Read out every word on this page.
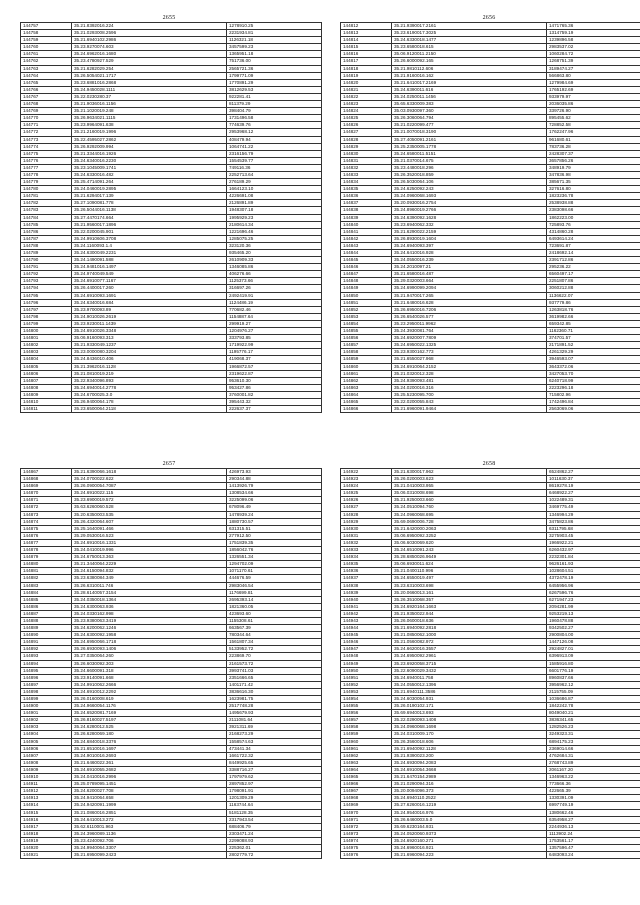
2655
144757	35.21.8392016.224	1278910.25
144758	35.21.0293008.2596	2231934.81
144759	35.21.6940102.2986	1126321.18
144760	35.23.9270074.603	3457599.23
144761	35.24.6962016.1680	1365951.18
144762	35.23.4780927.529	751736.00
144763	35.21.6282029.254	2565721.36
144764	35.26.5054021.1717	1799771.09
144765	35.23.6881016.2868	1770891.29
144766	35.24.9450028.1111	3812629.53
144767	35.22.0230280.37	922281.41
144768	35.21.9036016.1156	811379.29
144769	35.21.1020019.248	398404.79
144770	35.26.9634021.1115	1731496.58
144771	35.23.9964091.638	774639.76
144772	35.21.2160019.1996	2953968.12
144773	35.22.4595027.2862	408479.94
144774	35.26.9292009.994	1064741.22
144775	35.21.3344016.1926	2316156.79
144776	35.24.6340016.2230	1554539.77
144777	35.23.1045009.1741	749116.36
144778	35.24.6330016.482	2252713.64
144779	35.25.4714091.264	276189.29
144780	35.24.0460019.2895	1664123.10
144781	35.21.6294017.139	4226691.08
144782	35.27.1090081.778	2126891.89
144783	35.26.5044016.1138	1948307.18
144784	35.27.4470174.664	1995929.23
144785	35.21.9560017.1896	2180614.34
144786	35.22.0200045.901	1221696.46
144787	35.24.9910606.3708	1285075.25
144788	35.24.1160093.1.4	323120.36
144789	35.24.6300049.2231	935465.20
144790	35.24.1490091.588	2610909.33
144791	35.24.9481016.1497	1346085.86
144792	35.24.9740049.549	406276.66
144793	35.24.6910077.1167	1125373.66
144794	35.26.4400017.260	316697.26
144795	35.24.6910093.1691	2492419.91
144796	35.24.6340016.684	1124486.19
144797	35.23.9700093.89	770682.46
144798	35.24.9010026.2619	1154887.64
144799	35.23.9230011.1439	299919.27
144800	35.24.6910026.3348	1204976.27
144801	35.06.9160093.313	333793.85
144802	35.21.9330049.1237	1719922.99
144803	35.23.0000080.3204	1195776.17
144804	35.24.8436010.406	419068.37
144805	35.21.3962016.1128	1966872.57
144806	35.21.0810019.219	2319622.87
144807	35.22.9340096.893	953610.30
144808	35.24.6940014.2778	953427.86
144809	35.24.6700025.3.0	3760001.82
144810	35.26.9400064.178	395443.32
144811	35.23.6500064.2118	222637.37
2656
144812	35.21.9390017.2161	1471765.36
144813	35.23.6190017.3025	1314759.19
144814	35.24.6330018.1477	1239896.58
144815	35.23.6580018.615	2983537.02
144816	35.06.9120011.2150	1060284.72
144817	35.26.6000092.165	1268751.39
144818	35.21.9810112.606	3189474.27
144819	35.21.9160016.162	566863.80
144820	35.21.6410017.2169	1279984.69
144821	35.24.6390011.616	1765192.69
144822	35.24.0250011.1456	933979.97
144823	35.65.6330009.383	2036035.86
144824	35.03.0930097.360	339726.90
144825	35.26.3060064.794	895455.62
144826	35.21.0220099.477	728852.58
144827	35.21.0070018.3190	1762247.96
144828	35.27.4050091.2161	961680.61
144829	35.25.2350005.1778	783736.28
144830	35.24.6580011.5151	2428307.37
144831	35.21.0370014.675	3657856.26
144832	35.23.4480018.296	348919.79
144833	35.26.3520018.859	347836.98
144834	35.26.5030064.106	385671.35
144835	35.24.6250092.243	327616.80
144836	35.24.0960068.1693	1823236.78
144837	35.20.0930016.2754	2538938.88
144838	35.24.8960019.2766	2383098.66
144839	35.24.6390092.1628	1862223.00
144840	35.23.6940062.332	725893.76
144841	35.21.6290022.2159	4314860.28
144842	35.26.8930019.1604	6493614.24
144843	35.24.6940093.397	723691.87
144844	35.24.6410016.928	2418692.14
144845	35.24.0550016.239	2391712.86
144846	35.24.2010097.21	295236.22
144847	35.21.6580016.487	6560497.17
144848	35.29.0320003.664	2251807.86
144849	35.24.6990099.2094	3060212.88
144850	35.21.9470017.265	1136622.07
144851	35.21.6480016.628	937779.86
144852	35.26.6950016.7206	1263818.76
144853	35.26.6540026.577	3619982.66
144854	35.23.2950011.9962	659342.85
144855	35.24.3930081.764	1162360.71
144856	35.24.6920007.7809	374701.57
144857	35.24.6950022.1325	2171891.52
144858	35.23.9300162.773	4261329.29
144859	35.21.6550027.968	3946593.07
144860	35.24.6910064.2152	3643372.06
144861	35.21.0320012.328	3427053.70
144862	35.24.9390093.481	6240718.99
144863	35.24.0200016.316	2223296.18
144864	35.25.5230095.700	715802.96
144865	35.22.0200055.843	1742496.84
144866	35.21.6960091.9464	2563069.06
2657
144867	35.21.6390066.1618	426973.93
144868	35.24.0700022.622	290344.88
144869	35.26.0900054.7087	1413926.79
144870	35.24.6910022.115	1308534.66
144871	35.23.6900019.572	3225099.06
144872	35.63.6260060.528	678096.49
144873	35.20.6350003.535	1478939.24
144874	35.26.4320064.607	1880730.57
144875	35.25.1640091.466	631315.51
144876	35.29.0530016.523	277912.50
144877	35.24.6910016.1331	1751839.35
144878	35.24.0410019.996	1856042.76
144879	35.24.6750013.363	1326551.34
144880	35.21.3440064.2229	1294702.09
144881	35.24.6150094.832	1071170.61
144882	35.23.6380084.349	444676.59
144883	35.26.6310011.746	2983046.54
144884	35.28.6140057.3154	1176699.81
144885	35.24.0350018.1364	2695393.14
144886	35.24.6300063.936	1821360.05
144887	35.24.0330162.998	423693.60
144888	35.23.9380063.3419	1155308.61
144889	35.24.6200062.1246	663567.39
144890	35.24.6300092.1958	780344.64
144891	35.24.6950066.1718	1561807.34
144892	35.26.6930093.1406	5133952.72
144893	35.27.0350064.260	223869.70
144894	35.26.6030092.303	2161573.72
144895	35.24.6600091.318	3993741.03
144896	35.23.9140091.668	2351666.65
144897	35.24.9910062.2666	1401171.42
144898	35.24.6910012.2292	3836616.30
144899	35.26.0160008.619	1623981.75
144900	35.24.9660054.1176	2517748.28
144901	35.24.6520081.7169	1495679.93
144902	35.26.8160027.5197	2111081.64
144903	35.24.6280012.525	3921311.69
144904	35.26.6280069.180	2168273.29
144905	35.24.6840018.3376	1558574.63
144906	35.21.6510016.1697	473441.34
144907	35.24.9010016.2693	1661722.32
144908	35.21.6460022.361	8449925.65
144909	35.24.6910055.2682	3388716.27
144910	35.24.0410016.2996	1797979.62
144911	35.25.0789095.1451	2897852.97
144912	35.24.6200027.708	1798091.91
144913	35.24.9410064.658	1201309.29
144914	35.24.9420091.1999	1163744.64
144915	35.21.0860016.2851	5181128.35
144916	35.24.6410013.272	2317943.54
144917	35.62.6110001.963	688406.79
144918	35.24.3960089.1136	2303471.24
144919	35.23.4240092.706	2299088.93
144920	35.24.9940064.3307	225362.01
144921	35.21.6950099.2423	2802779.72
2658
144922	35.21.6300017.962	6524862.27
144923	35.26.0200003.623	1011630.37
144924	35.21.0410003.955	8619278.19
144925	35.06.0310008.698	6468922.27
144926	35.21.9250003.660	1022489.31
144927	35.24.0510094.760	3469775.49
144928	35.24.0960068.695	1346994.29
144929	35.69.0690006.728	3475823.86
144930	35.21.6420000.2063	6311795.68
144931	35.06.6950092.3252	3275903.45
144932	35.06.6030069.620	1966922.21
144933	35.24.6510091.243	6260432.97
144934	35.28.6850026.9649	2232301.84
144935	35.06.6930011.624	9626161.93
144936	35.21.0400110.996	1028604.51
144937	35.24.6550019.497	4372478.19
144938	35.23.6310003.698	6455956.96
144939	35.20.0660013.161	6267596.76
144940	35.26.3510068.357	6271947.23
144941	35.24.6920164.1663	2094281.99
144942	35.21.9350022.944	9253219.13
144943	35.26.0600018.636	1960478.88
144944	35.21.6940092.2818	9342502.27
144945	35.21.0850062.1000	2900804.00
144946	35.21.0560082.972	1447126.08
144947	35.24.6620016.3557	2924827.01
144948	35.24.6950092.2961	6396913.09
144949	35.23.6920058.3715	1585916.80
144950	35.22.6090029.3432	6601776.19
144951	35.24.6940011.758	8960837.66
144952	35.24.0550012.1396	3956962.12
144953	35.21.6940111.3586	2115755.09
144954	35.24.6030054.931	1036686.87
144955	35.26.0190102.171	1842242.78
144956	35.69.6940013.693	8049040.21
144957	35.22.0290093.1408	3836341.65
144958	35.24.0960068.1698	1282526.23
144959	35.24.0310009.170	3249323.31
144960	35.26.3560018.606	6894175.23
144961	35.21.6940092.1128	2369014.66
144962	35.21.9390023.200	4762684.31
144963	35.24.6930094.2083	2768743.89
144964	35.24.6910054.3668	2061167.20
144965	35.21.6470154.2989	1346963.22
144966	35.21.0290094.316	773666.36
144967	35.20.0094096.373	422665.39
144968	35.24.6940110.2522	1330391.09
144969	35.27.6260016.1219	6997749.19
144970	35.24.9540016.976	1380662.46
144971	35.26.6460003.5.0	6354958.27
144972	35.69.6230164.931	2244936.13
144973	35.24.0520060.9373	1113902.24
144974	35.24.6920160.271	1753561.17
144975	35.24.6960016.921	1357596.47
144976	35.21.6960094.223	6483093.24
